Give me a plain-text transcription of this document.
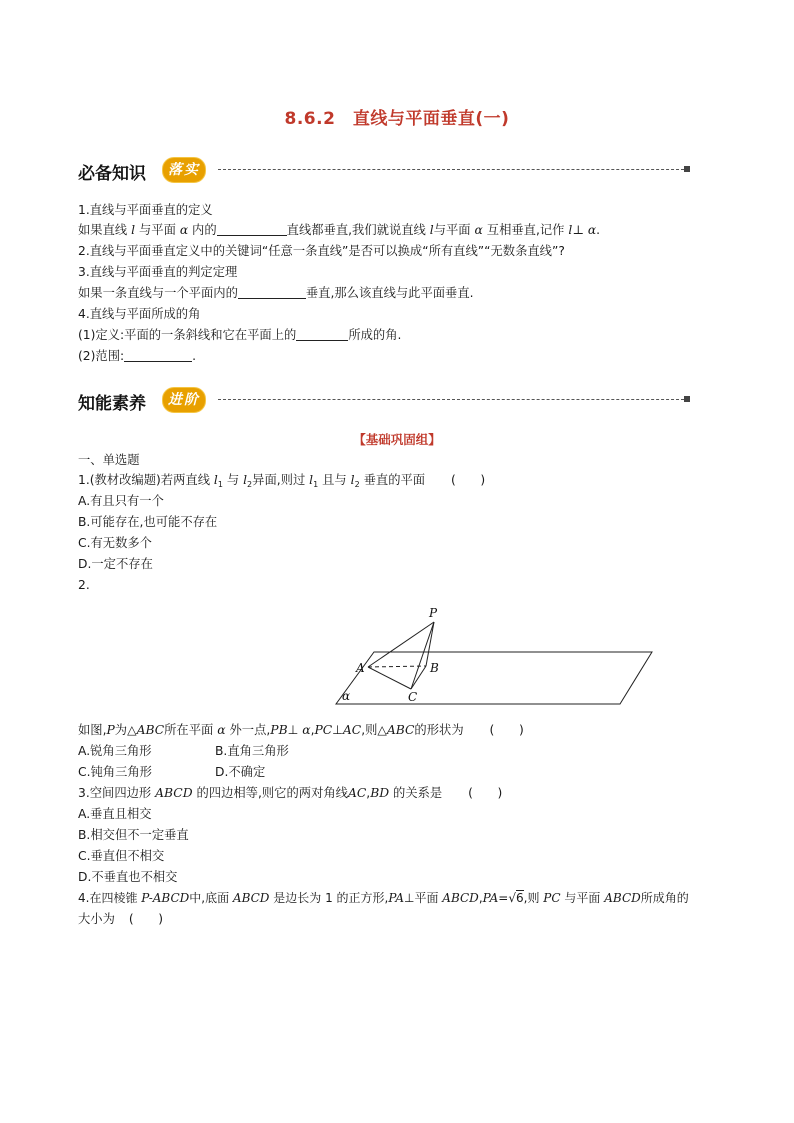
8.6.2　直线与平面垂直(一)
必备知识	落实
1.直线与平面垂直的定义
如果直线 l 与平面 α 内的	直线都垂直,我们就说直线 l与平面 α 互相垂直,记作 l⊥ α.
2.直线与平面垂直定义中的关键词“任意一条直线”是否可以换成“所有直线”“无数条直线”?
3.直线与平面垂直的判定定理
如果一条直线与一个平面内的	垂直,那么该直线与此平面垂直.
4.直线与平面所成的角
(1)定义:平面的一条斜线和它在平面上的	所成的角.
(2)范围:	.
知能素养	进阶
【基础巩固组】
一、单选题
1.(教材改编题)若两直线 $l_1$ 与 $l_2$异面,则过 $l_1$ 且与 $l_2$ 垂直的平面 (　　)
A.有且只有一个
B.可能存在,也可能不存在
C.有无数多个
D.一定不存在
2.
P
A	B
C
α
如图,P为△ABC所在平面 α 外一点,PB⊥ α,PC⊥AC,则△ABC的形状为 (　　)
A.锐角三角形	B.直角三角形
C.钝角三角形	D.不确定
3.空间四边形 ABCD 的四边相等,则它的两对角线AC,BD 的关系是 (　　)
A.垂直且相交
B.相交但不一定垂直
C.垂直但不相交
D.不垂直也不相交
4.在四棱锥 P-ABCD中,底面 ABCD 是边长为 1 的正方形,PA⊥平面 ABCD,PA=√6,则 PC 与平面 ABCD所成角的
大小为 (　　)
